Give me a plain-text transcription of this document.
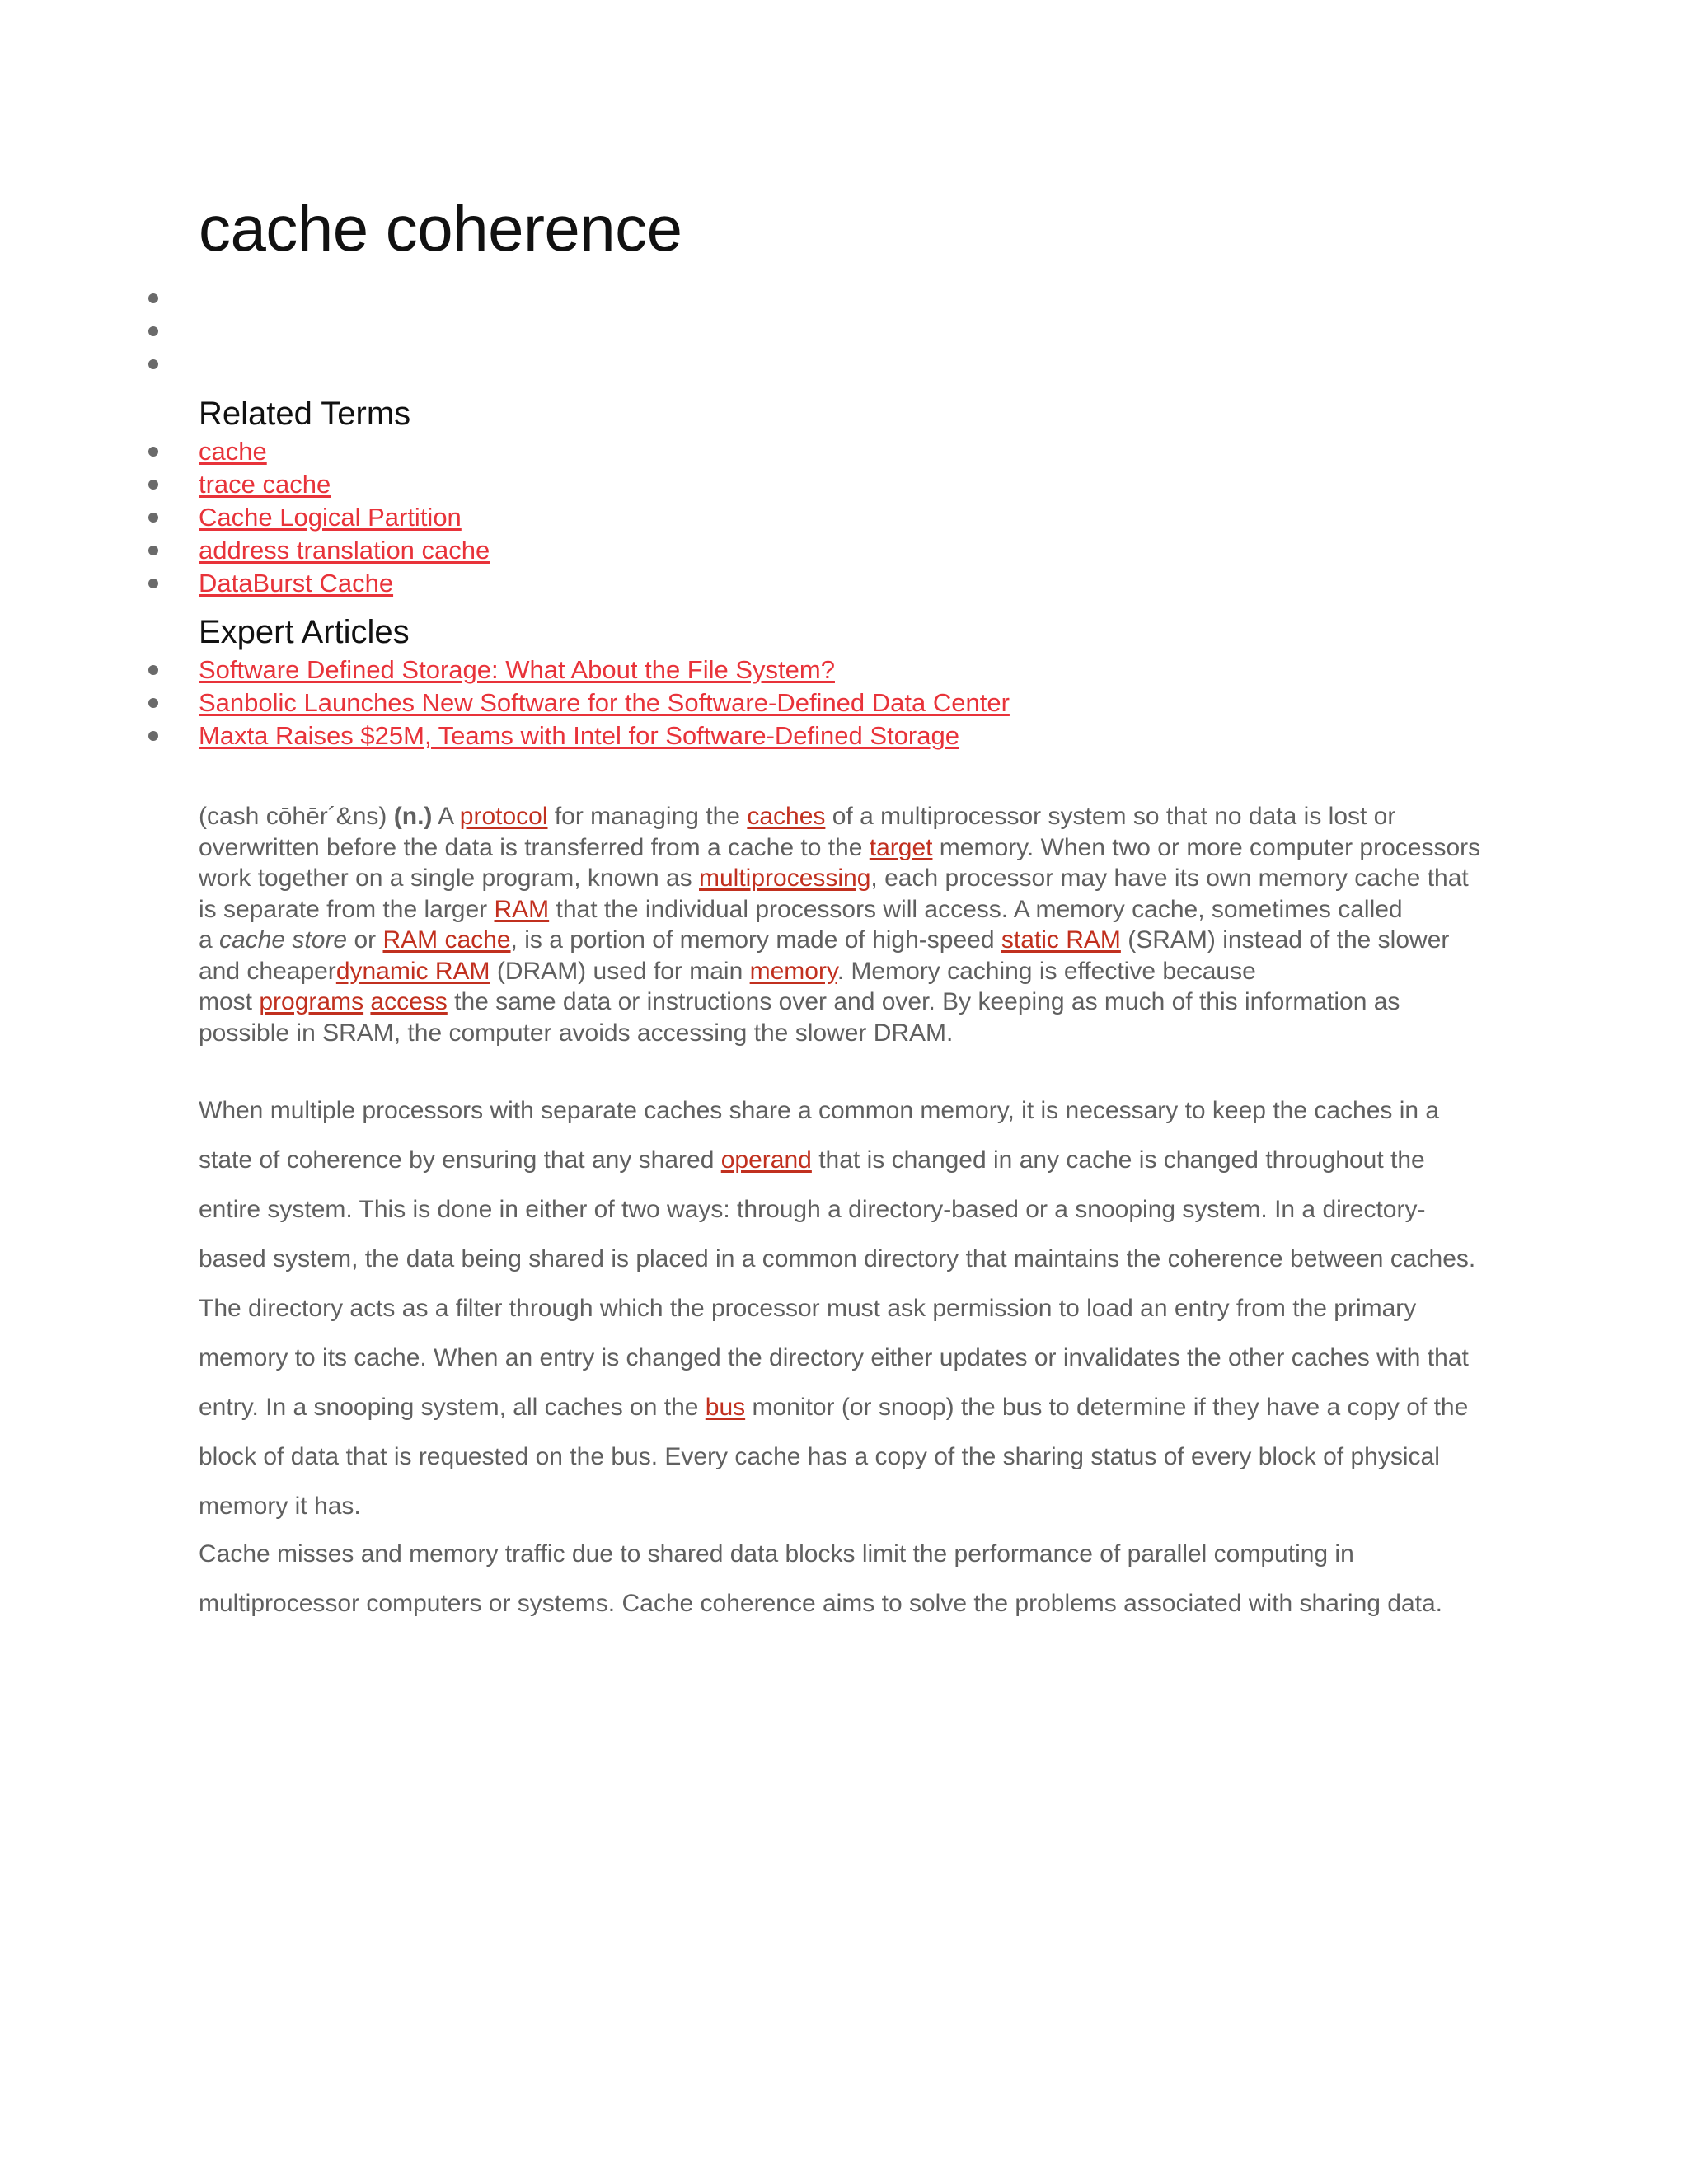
cache coherence
Related Terms
cache
trace cache
Cache Logical Partition
address translation cache
DataBurst Cache
Expert Articles
Software Defined Storage: What About the File System?
Sanbolic Launches New Software for the Software-Defined Data Center
Maxta Raises $25M, Teams with Intel for Software-Defined Storage
(cash cōhēr´&ns) (n.) A protocol for managing the caches of a multiprocessor system so that no data is lost or
overwritten before the data is transferred from a cache to the target memory. When two or more computer processors
work together on a single program, known as multiprocessing, each processor may have its own memory cache that
is separate from the larger RAM that the individual processors will access. A memory cache, sometimes called
a cache store or RAM cache, is a portion of memory made of high-speed static RAM (SRAM) instead of the slower
and cheaperdynamic RAM (DRAM) used for main memory. Memory caching is effective because
most programs access the same data or instructions over and over. By keeping as much of this information as
possible in SRAM, the computer avoids accessing the slower DRAM.
When multiple processors with separate caches share a common memory, it is necessary to keep the caches in a
state of coherence by ensuring that any shared operand that is changed in any cache is changed throughout the
entire system. This is done in either of two ways: through a directory-based or a snooping system. In a directory-
based system, the data being shared is placed in a common directory that maintains the coherence between caches.
The directory acts as a filter through which the processor must ask permission to load an entry from the primary
memory to its cache. When an entry is changed the directory either updates or invalidates the other caches with that
entry. In a snooping system, all caches on the bus monitor (or snoop) the bus to determine if they have a copy of the
block of data that is requested on the bus. Every cache has a copy of the sharing status of every block of physical
memory it has.
Cache misses and memory traffic due to shared data blocks limit the performance of parallel computing in
multiprocessor computers or systems. Cache coherence aims to solve the problems associated with sharing data.
